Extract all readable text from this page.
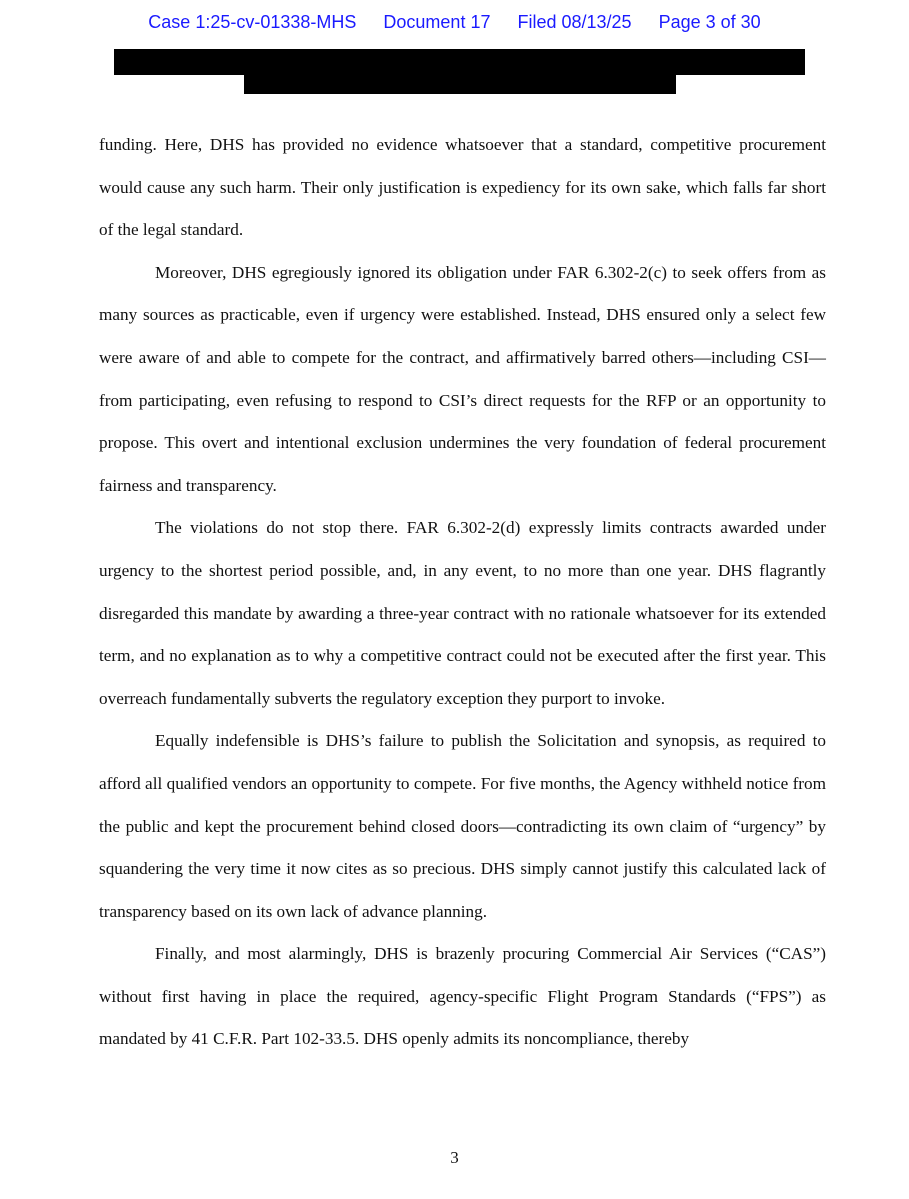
Case 1:25-cv-01338-MHS Document 17 Filed 08/13/25 Page 3 of 30

funding. Here, DHS has provided no evidence whatsoever that a standard, competitive procurement would cause any such harm. Their only justification is expediency for its own sake, which falls far short of the legal standard.

Moreover, DHS egregiously ignored its obligation under FAR 6.302-2(c) to seek offers from as many sources as practicable, even if urgency were established. Instead, DHS ensured only a select few were aware of and able to compete for the contract, and affirmatively barred others—including CSI—from participating, even refusing to respond to CSI’s direct requests for the RFP or an opportunity to propose. This overt and intentional exclusion undermines the very foundation of federal procurement fairness and transparency.

The violations do not stop there. FAR 6.302-2(d) expressly limits contracts awarded under urgency to the shortest period possible, and, in any event, to no more than one year. DHS flagrantly disregarded this mandate by awarding a three-year contract with no rationale whatsoever for its extended term, and no explanation as to why a competitive contract could not be executed after the first year. This overreach fundamentally subverts the regulatory exception they purport to invoke.

Equally indefensible is DHS’s failure to publish the Solicitation and synopsis, as required to afford all qualified vendors an opportunity to compete. For five months, the Agency withheld notice from the public and kept the procurement behind closed doors—contradicting its own claim of “urgency” by squandering the very time it now cites as so precious. DHS simply cannot justify this calculated lack of transparency based on its own lack of advance planning.

Finally, and most alarmingly, DHS is brazenly procuring Commercial Air Services (“CAS”) without first having in place the required, agency-specific Flight Program Standards (“FPS”) as mandated by 41 C.F.R. Part 102-33.5. DHS openly admits its noncompliance, thereby

3
